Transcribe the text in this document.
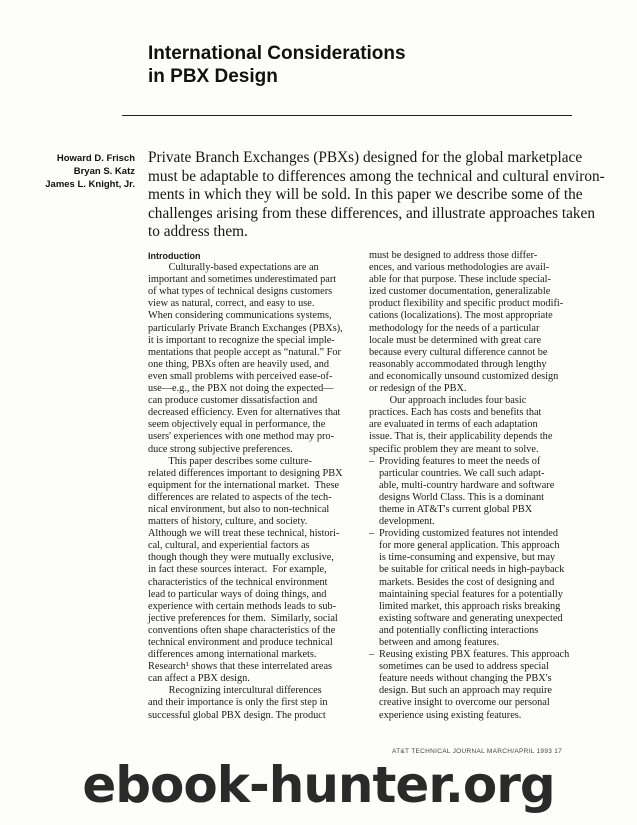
International Considerations
in PBX Design
Howard D. Frisch
Bryan S. Katz
James L. Knight, Jr.
Private Branch Exchanges (PBXs) designed for the global marketplace
must be adaptable to differences among the technical and cultural environ-
ments in which they will be sold. In this paper we describe some of the
challenges arising from these differences, and illustrate approaches taken
to address them.
Introduction
Culturally-based expectations are an
important and sometimes underestimated part
of what types of technical designs customers
view as natural, correct, and easy to use.
When considering communications systems,
particularly Private Branch Exchanges (PBXs),
it is important to recognize the special imple-
mentations that people accept as “natural.” For
one thing, PBXs often are heavily used, and
even small problems with perceived ease-of-
use—e.g., the PBX not doing the expected—
can produce customer dissatisfaction and
decreased efficiency. Even for alternatives that
seem objectively equal in performance, the
users' experiences with one method may pro-
duce strong subjective preferences.
This paper describes some culture-
related differences important to designing PBX
equipment for the international market.  These
differences are related to aspects of the tech-
nical environment, but also to non-technical
matters of history, culture, and society.
Although we will treat these technical, histori-
cal, cultural, and experiential factors as
though though they were mutually exclusive,
in fact these sources interact.  For example,
characteristics of the technical environment
lead to particular ways of doing things, and
experience with certain methods leads to sub-
jective preferences for them.  Similarly, social
conventions often shape characteristics of the
technical environment and produce technical
differences among international markets.
Research¹ shows that these interrelated areas
can affect a PBX design.
Recognizing intercultural differences
and their importance is only the first step in
successful global PBX design. The product
must be designed to address those differ-
ences, and various methodologies are avail-
able for that purpose. These include special-
ized customer documentation, generalizable
product flexibility and specific product modifi-
cations (localizations). The most appropriate
methodology for the needs of a particular
locale must be determined with great care
because every cultural difference cannot be
reasonably accommodated through lengthy
and economically unsound customized design
or redesign of the PBX.
Our approach includes four basic
practices. Each has costs and benefits that
are evaluated in terms of each adaptation
issue. That is, their applicability depends the
specific problem they are meant to solve.
– Providing features to meet the needs of
particular countries. We call such adapt-
able, multi-country hardware and software
designs World Class. This is a dominant
theme in AT&T's current global PBX
development.
– Providing customized features not intended
for more general application. This approach
is time-consuming and expensive, but may
be suitable for critical needs in high-payback
markets. Besides the cost of designing and
maintaining special features for a potentially
limited market, this approach risks breaking
existing software and generating unexpected
and potentially conflicting interactions
between and among features.
– Reusing existing PBX features. This approach
sometimes can be used to address special
feature needs without changing the PBX's
design. But such an approach may require
creative insight to overcome our personal
experience using existing features.
AT&T TECHNICAL JOURNAL MARCH/APRIL 1993 17
ebook-hunter.org
